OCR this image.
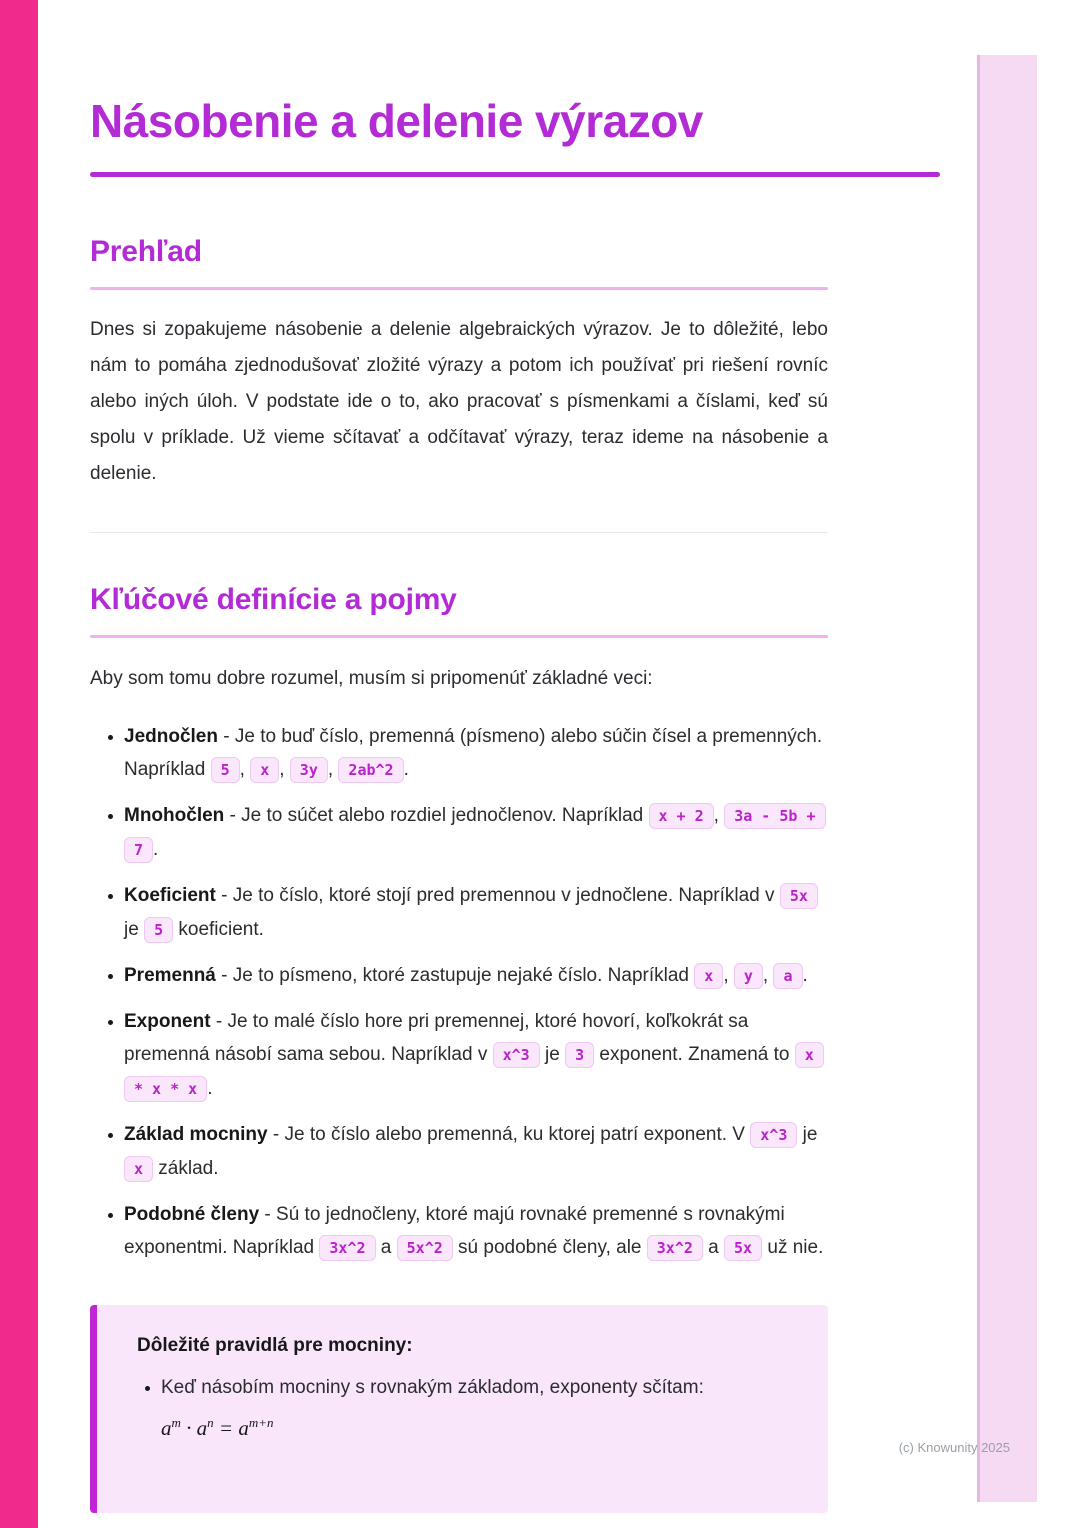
Násobenie a delenie výrazov
Prehľad

Dnes si zopakujeme násobenie a delenie algebraických výrazov. Je to dôležité, lebo nám to pomáha zjednodušovať zložité výrazy a potom ich používať pri riešení rovníc alebo iných úloh. V podstate ide o to, ako pracovať s písmenkami a číslami, keď sú spolu v príklade. Už vieme sčítavať a odčítavať výrazy, teraz ideme na násobenie a delenie.

Kľúčové definície a pojmy

Aby som tomu dobre rozumel, musím si pripomenúť základné veci:

• Jednočlen - Je to buď číslo, premenná (písmeno) alebo súčin čísel a premenných. Napríklad 5 , x , 3y , 2ab^2 .
• Mnohočlen - Je to súčet alebo rozdiel jednočlenov. Napríklad x + 2 , 3a - 5b + 7 .
• Koeficient - Je to číslo, ktoré stojí pred premennou v jednočlene. Napríklad v 5x je 5 koeficient.
• Premenná - Je to písmeno, ktoré zastupuje nejaké číslo. Napríklad x , y , a .
• Exponent - Je to malé číslo hore pri premennej, ktoré hovorí, koľkokrát sa premenná násobí sama sebou. Napríklad v x^3 je 3 exponent. Znamená to x * x * x .
• Základ mocniny - Je to číslo alebo premenná, ku ktorej patrí exponent. V x^3 je x základ.
• Podobné členy - Sú to jednočleny, ktoré majú rovnaké premenné s rovnakými exponentmi. Napríklad 3x^2 a 5x^2 sú podobné členy, ale 3x^2 a 5x už nie.
Dôležité pravidlá pre mocniny:
• Keď násobím mocniny s rovnakým základom, exponenty sčítam:
$a^m \cdot a^n = a^{m+n}$
(c) Knowunity 2025
